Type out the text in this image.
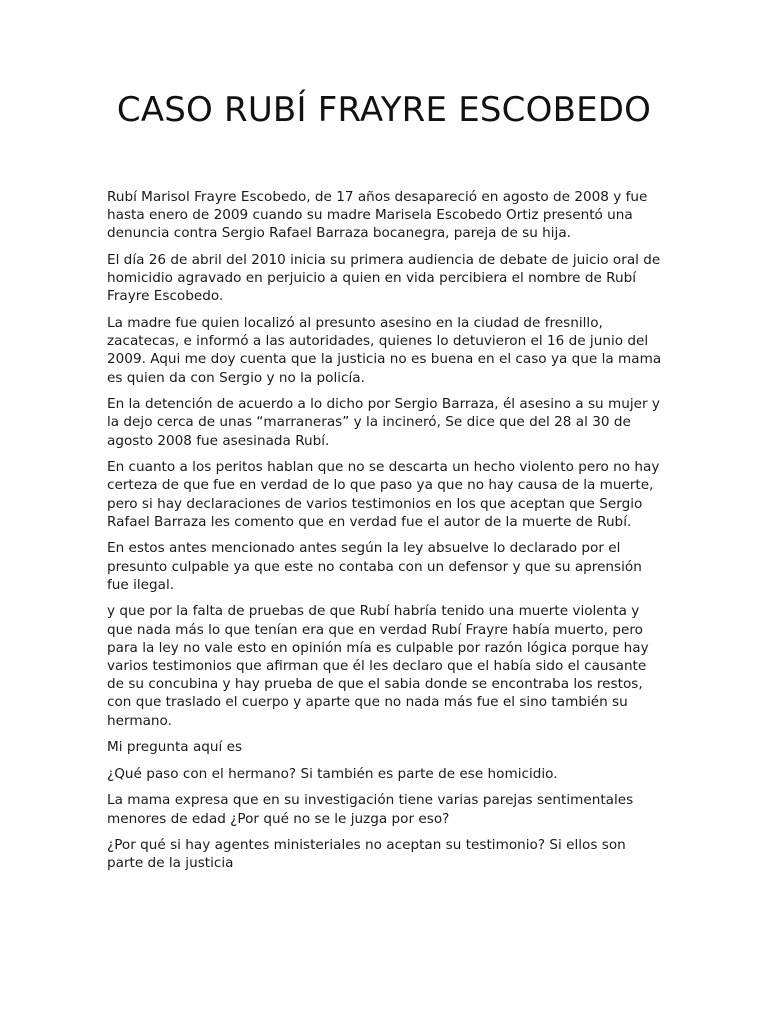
CASO RUBÍ FRAYRE ESCOBEDO

Rubí Marisol Frayre Escobedo, de 17 años desapareció en agosto de 2008 y fue hasta enero de 2009 cuando su madre Marisela Escobedo Ortiz presentó una denuncia contra Sergio Rafael Barraza bocanegra, pareja de su hija.

El día 26 de abril del 2010 inicia su primera audiencia de debate de juicio oral de homicidio agravado en perjuicio a quien en vida percibiera el nombre de Rubí Frayre Escobedo.

La madre fue quien localizó al presunto asesino en la ciudad de fresnillo, zacatecas, e informó a las autoridades, quienes lo detuvieron el 16 de junio del 2009. Aqui me doy cuenta que la justicia no es buena en el caso ya que la mama es quien da con Sergio y no la policía.

En la detención de acuerdo a lo dicho por Sergio Barraza, él asesino a su mujer y la dejo cerca de unas “marraneras” y la incineró, Se dice que del 28 al 30 de agosto 2008 fue asesinada Rubí.

En cuanto a los peritos hablan que no se descarta un hecho violento pero no hay certeza de que fue en verdad de lo que paso ya que no hay causa de la muerte, pero si hay declaraciones de varios testimonios en los que aceptan que Sergio Rafael Barraza les comento que en verdad fue el autor de la muerte de Rubí.

En estos antes mencionado antes según la ley absuelve lo declarado por el presunto culpable ya que este no contaba con un defensor y que su aprensión fue ilegal.

y que por la falta de pruebas de que Rubí habría tenido una muerte violenta y que nada más lo que tenían era que en verdad Rubí Frayre había muerto, pero para la ley no vale esto en opinión mía es culpable por razón lógica porque hay varios testimonios que afirman que él les declaro que el había sido el causante de su concubina y hay prueba de que el sabia donde se encontraba los restos, con que traslado el cuerpo y aparte que no nada más fue el sino también su hermano.

Mi pregunta aquí es

¿Qué paso con el hermano? Si también es parte de ese homicidio.

La mama expresa que en su investigación tiene varias parejas sentimentales menores de edad ¿Por qué no se le juzga por eso?

¿Por qué si hay agentes ministeriales no aceptan su testimonio? Si ellos son parte de la justicia
